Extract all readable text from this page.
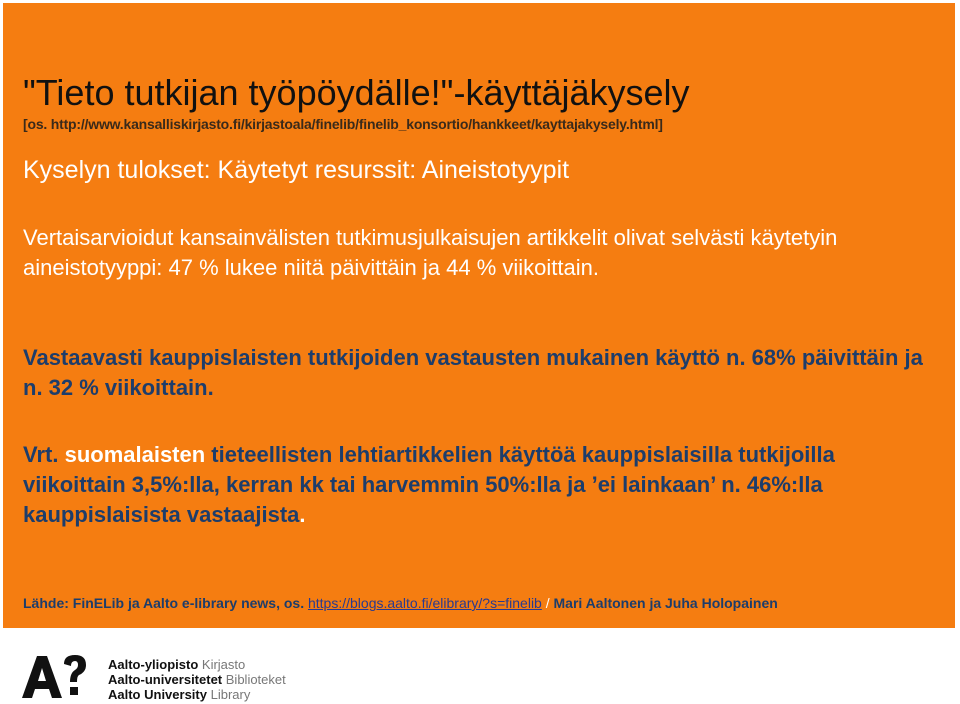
"Tieto tutkijan työpöydälle!"-käyttäjäkysely
[os. http://www.kansalliskirjasto.fi/kirjastoala/finelib/finelib_konsortio/hankkeet/kayttajakysely.html]
Kyselyn tulokset: Käytetyt resurssit: Aineistotyypit
Vertaisarvioidut kansainvälisten tutkimusjulkaisujen artikkelit olivat selvästi käytetyin aineistotyyppi: 47 % lukee niitä päivittäin ja 44 % viikoittain.
Vastaavasti kauppislaisten tutkijoiden vastausten mukainen käyttö n. 68% päivittäin ja n. 32 % viikoittain.
Vrt. suomalaisten tieteellisten lehtiartikkelien käyttöä kauppislaisilla tutkijoilla viikoittain 3,5%:lla, kerran kk tai harvemmin 50%:lla ja ’ei lainkaan’ n. 46%:lla kauppislaisista vastaajista.
Lähde: FinELib ja Aalto e-library news, os. https://blogs.aalto.fi/elibrary/?s=finelib / Mari Aaltonen ja Juha Holopainen
Aalto-yliopisto Kirjasto
Aalto-universitetet Biblioteket
Aalto University Library
